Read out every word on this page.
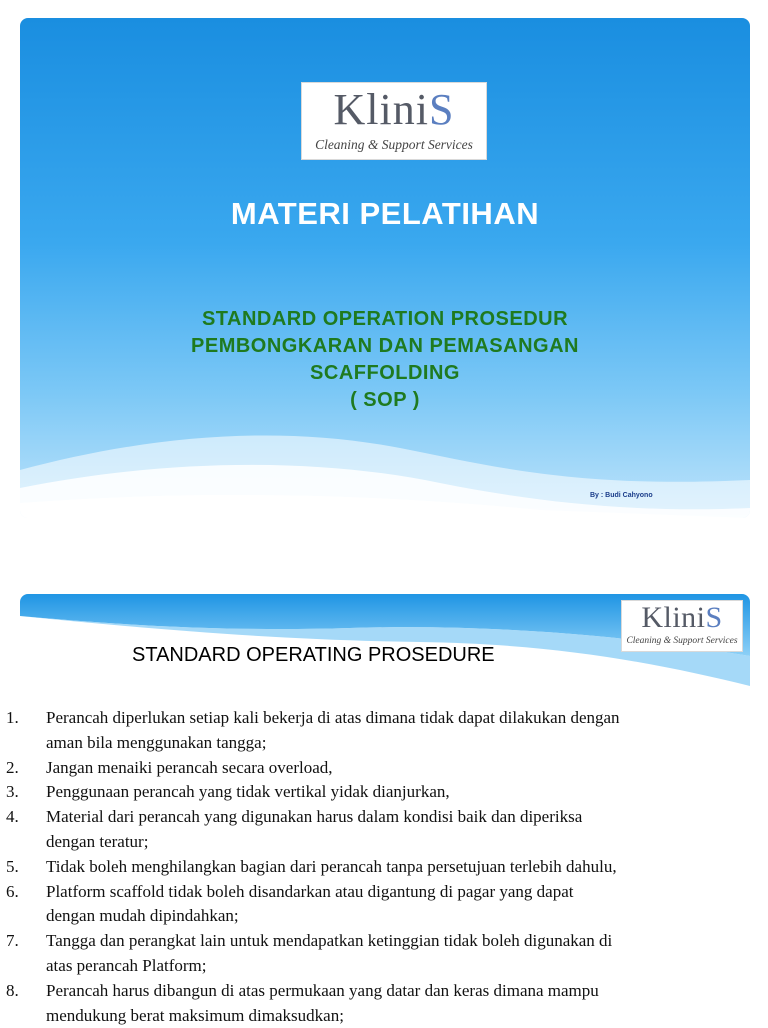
KliniS
Cleaning & Support Services
MATERI PELATIHAN
STANDARD OPERATION PROSEDUR
PEMBONGKARAN DAN PEMASANGAN
SCAFFOLDING
( SOP )
By : Budi Cahyono
KliniS
Cleaning & Support Services
STANDARD OPERATING PROSEDURE
1. Perancah diperlukan setiap kali bekerja di atas dimana tidak dapat dilakukan dengan
aman bila menggunakan tangga;
2. Jangan menaiki perancah secara overload,
3. Penggunaan perancah yang tidak vertikal yidak dianjurkan,
4. Material dari perancah yang digunakan harus dalam kondisi baik dan diperiksa
dengan teratur;
5. Tidak boleh menghilangkan bagian dari perancah tanpa persetujuan terlebih dahulu,
6. Platform scaffold tidak boleh disandarkan atau digantung di pagar yang dapat
dengan mudah dipindahkan;
7. Tangga dan perangkat lain untuk mendapatkan ketinggian tidak boleh digunakan di
atas perancah Platform;
8. Perancah harus dibangun di atas permukaan yang datar dan keras dimana mampu
mendukung berat maksimum dimaksudkan;
